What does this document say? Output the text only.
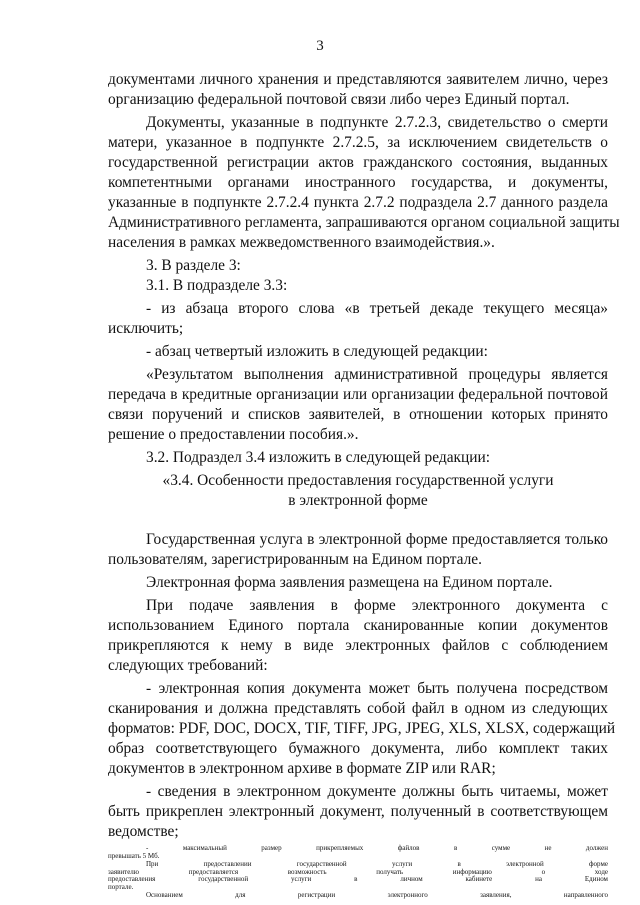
3
документами личного хранения и представляются заявителем лично, через
организацию федеральной почтовой связи либо через Единый портал.
Документы, указанные в подпункте 2.7.2.3, свидетельство о смерти
матери, указанное в подпункте 2.7.2.5, за исключением свидетельств о
государственной регистрации актов гражданского состояния, выданных
компетентными органами иностранного государства, и документы,
указанные в подпункте 2.7.2.4 пункта 2.7.2 подраздела 2.7 данного раздела
Административного регламента, запрашиваются органом социальной защиты
населения в рамках межведомственного взаимодействия.».
3. В разделе 3:
3.1. В подразделе 3.3:
- из абзаца второго слова «в третьей декаде текущего месяца»
исключить;
- абзац четвертый изложить в следующей редакции:
«Результатом выполнения административной процедуры является
передача в кредитные организации или организации федеральной почтовой
связи поручений и списков заявителей, в отношении которых принято
решение о предоставлении пособия.».
3.2. Подраздел 3.4 изложить в следующей редакции:
«3.4. Особенности предоставления государственной услуги
в электронной форме
Государственная услуга в электронной форме предоставляется только
пользователям, зарегистрированным на Едином портале.
Электронная форма заявления размещена на Едином портале.
При подаче заявления в форме электронного документа с
использованием Единого портала сканированные копии документов
прикрепляются к нему в виде электронных файлов с соблюдением
следующих требований:
- электронная копия документа может быть получена посредством
сканирования и должна представлять собой файл в одном из следующих
форматов: PDF, DOC, DOCX, TIF, TIFF, JPG, JPEG, XLS, XLSX, содержащий
образ соответствующего бумажного документа, либо комплект таких
документов в электронном архиве в формате ZIP или RAR;
- сведения в электронном документе должны быть читаемы, может
быть прикреплен электронный документ, полученный в соответствующем
ведомстве;
- максимальный размер прикрепляемых файлов в сумме не должен
превышать 5 Мб.
При предоставлении государственной услуги в электронной форме
заявителю предоставляется возможность получать информацию о ходе
предоставления государственной услуги в личном кабинете на Едином
портале.
Основанием для регистрации электронного заявления, направленного
